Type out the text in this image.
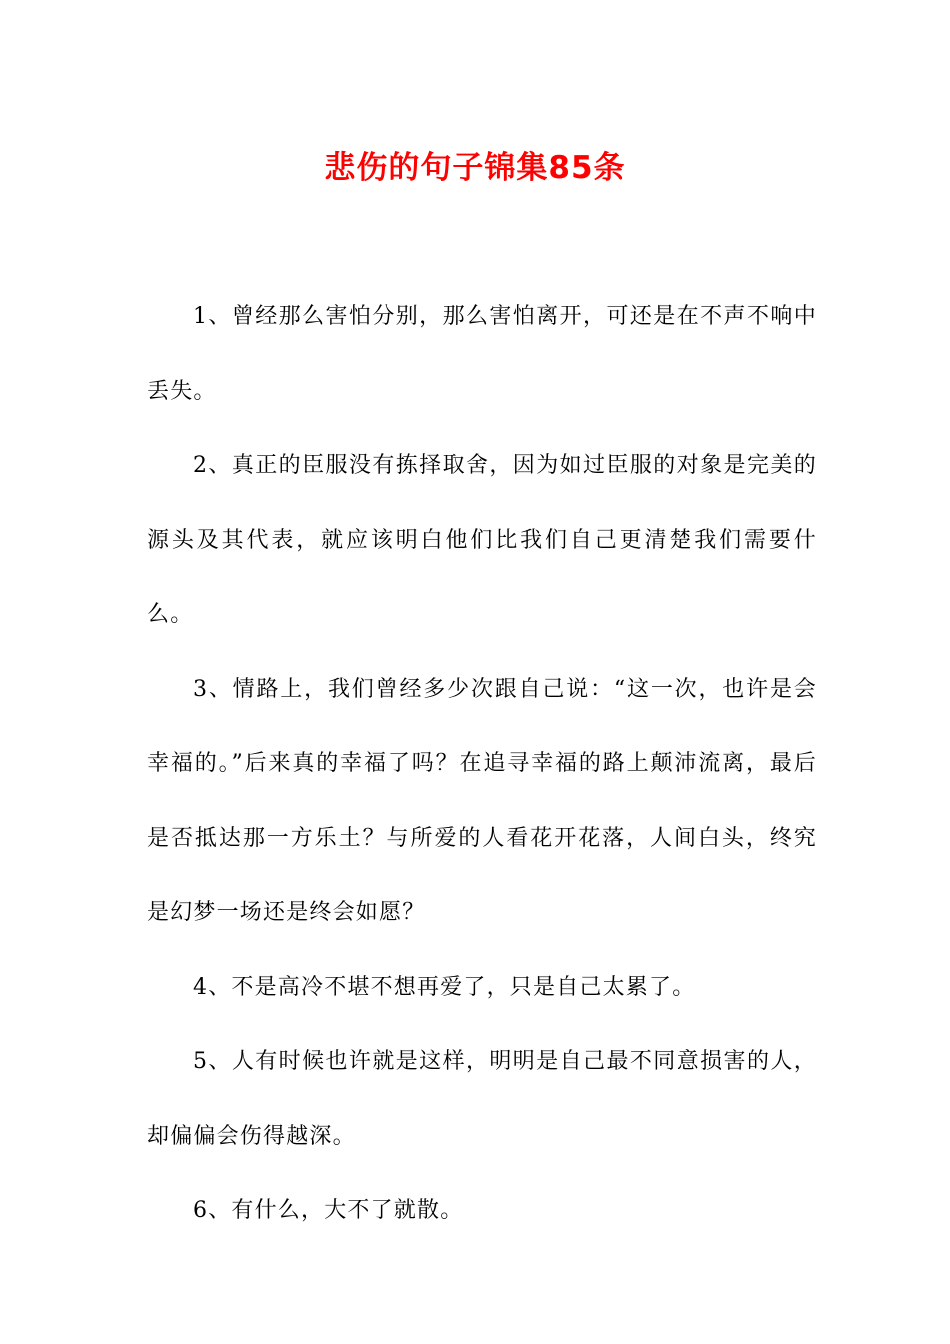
悲伤的句子锦集85条

1、曾经那么害怕分别，那么害怕离开，可还是在不声不响中丢失。

2、真正的臣服没有拣择取舍，因为如过臣服的对象是完美的源头及其代表，就应该明白他们比我们自己更清楚我们需要什么。

3、情路上，我们曾经多少次跟自己说：“这一次，也许是会幸福的。”后来真的幸福了吗？在追寻幸福的路上颠沛流离，最后是否抵达那一方乐土？与所爱的人看花开花落，人间白头，终究是幻梦一场还是终会如愿？

4、不是高冷不堪不想再爱了，只是自己太累了。

5、人有时候也许就是这样，明明是自己最不同意损害的人，却偏偏会伤得越深。

6、有什么，大不了就散。
